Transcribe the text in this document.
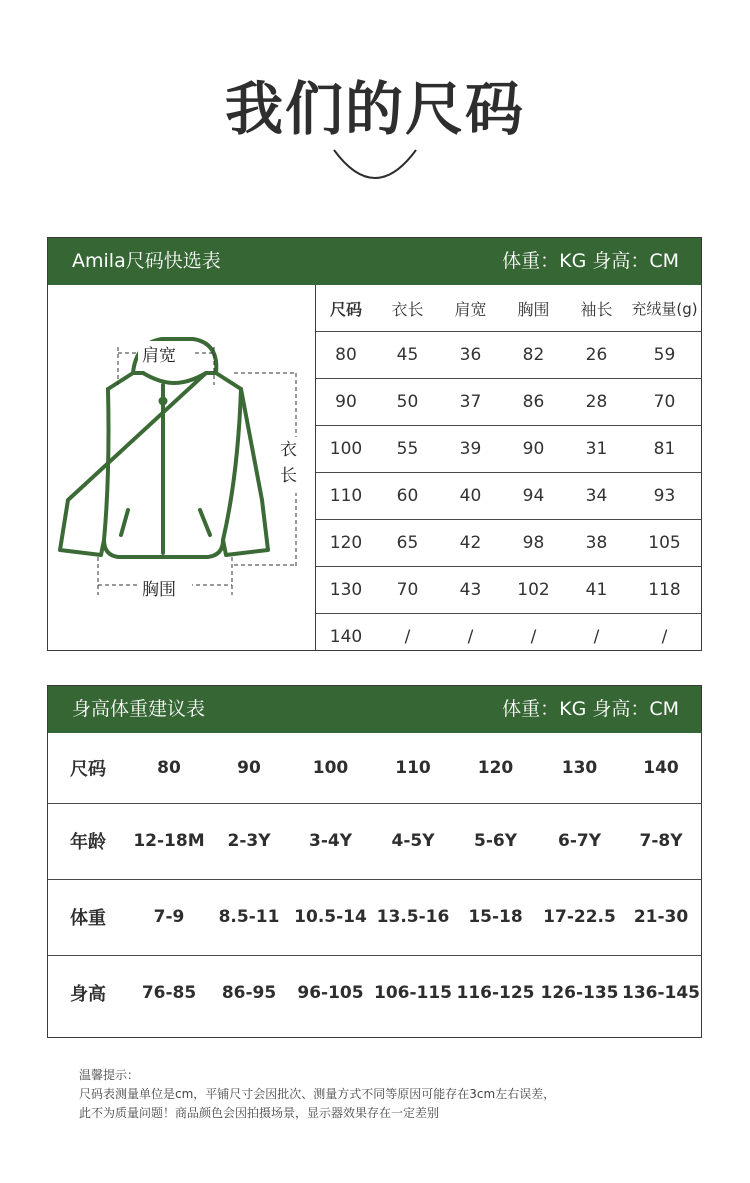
我们的尺码
Amila尺码快选表	体重：KG 身高：CM
肩宽
衣长
胸围
尺码	衣长	肩宽	胸围	袖长	充绒量(g)
80	45	36	82	26	59
90	50	37	86	28	70
100	55	39	90	31	81
110	60	40	94	34	93
120	65	42	98	38	105
130	70	43	102	41	118
140	/	/	/	/	/
身高体重建议表	体重：KG 身高：CM
尺码	80	90	100	110	120	130	140
年龄	12-18M	2-3Y	3-4Y	4-5Y	5-6Y	6-7Y	7-8Y
体重	7-9	8.5-11	10.5-14	13.5-16	15-18	17-22.5	21-30
身高	76-85	86-95	96-105	106-115	116-125	126-135	136-145
温馨提示：
尺码表测量单位是cm，平铺尺寸会因批次、测量方式不同等原因可能存在3cm左右误差，
此不为质量问题！商品颜色会因拍摄场景，显示器效果存在一定差别
